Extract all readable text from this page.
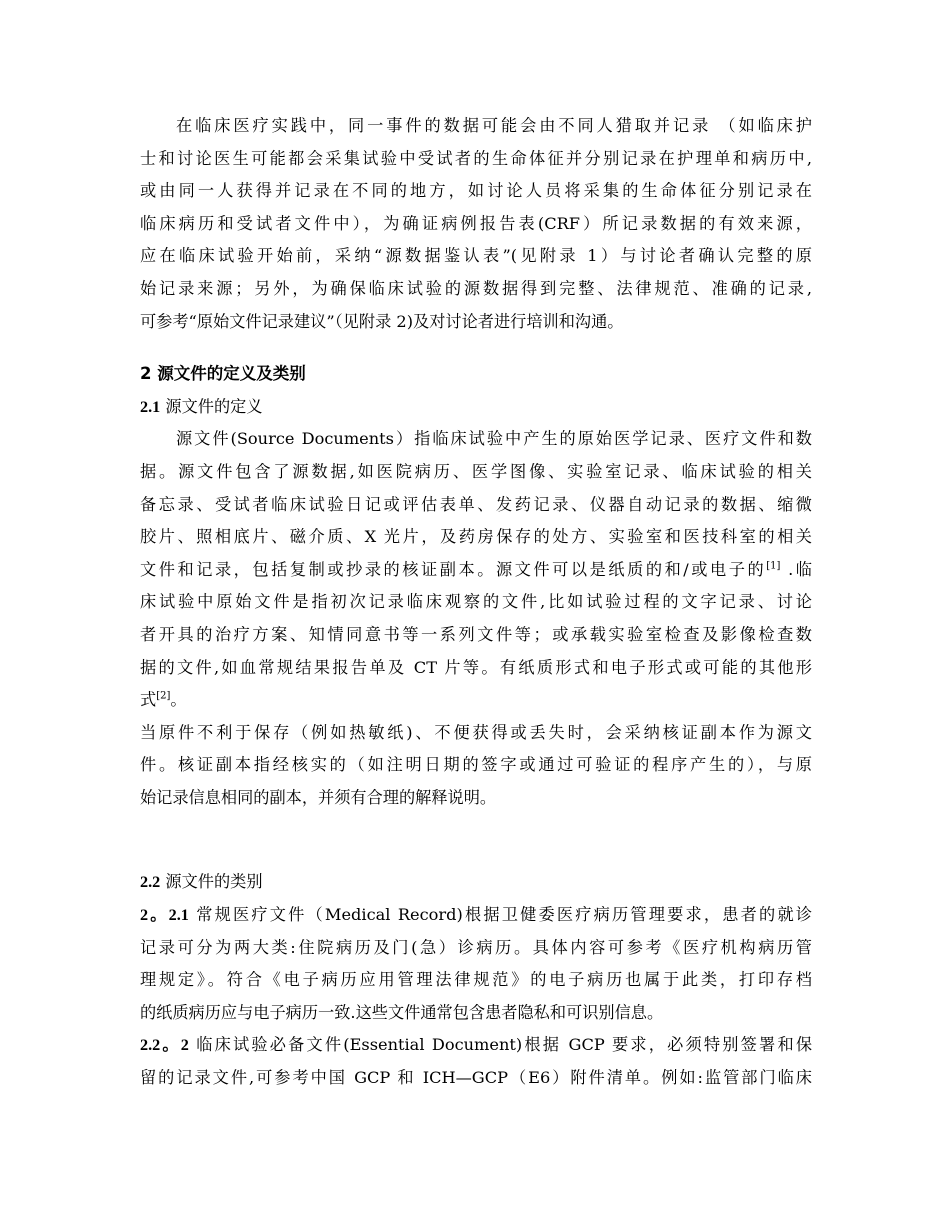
在临床医疗实践中，同一事件的数据可能会由不同人猎取并记录 （如临床护
士和讨论医生可能都会采集试验中受试者的生命体征并分别记录在护理单和病历中,
或由同一人获得并记录在不同的地方，如讨论人员将采集的生命体征分别记录在
临床病历和受试者文件中），为确证病例报告表(CRF）所记录数据的有效来源，
应在临床试验开始前，采纳“源数据鉴认表”(见附录 1）与讨论者确认完整的原
始记录来源；另外，为确保临床试验的源数据得到完整、法律规范、准确的记录,
可参考“原始文件记录建议”（见附录 2)及对讨论者进行培训和沟通。
2 源文件的定义及类别
2.1 源文件的定义
源文件(Source Documents）指临床试验中产生的原始医学记录、医疗文件和数
据。源文件包含了源数据,如医院病历、医学图像、实验室记录、临床试验的相关
备忘录、受试者临床试验日记或评估表单、发药记录、仪器自动记录的数据、缩微
胶片、照相底片、磁介质、X 光片，及药房保存的处方、实验室和医技科室的相关
文件和记录，包括复制或抄录的核证副本。源文件可以是纸质的和/或电子的[1] .临
床试验中原始文件是指初次记录临床观察的文件,比如试验过程的文字记录、讨论
者开具的治疗方案、知情同意书等一系列文件等；或承载实验室检查及影像检查数
据的文件,如血常规结果报告单及 CT 片等。有纸质形式和电子形式或可能的其他形
式[2]。
当原件不利于保存（例如热敏纸)、不便获得或丢失时，会采纳核证副本作为源文
件。核证副本指经核实的（如注明日期的签字或通过可验证的程序产生的），与原
始记录信息相同的副本，并须有合理的解释说明。
2.2 源文件的类别
2。2.1 常规医疗文件（Medical Record)根据卫健委医疗病历管理要求，患者的就诊
记录可分为两大类:住院病历及门(急）诊病历。具体内容可参考《医疗机构病历管
理规定》。符合《电子病历应用管理法律规范》的电子病历也属于此类，打印存档
的纸质病历应与电子病历一致.这些文件通常包含患者隐私和可识别信息。
2.2。2 临床试验必备文件(Essential Document)根据 GCP 要求，必须特别签署和保
留的记录文件,可参考中国 GCP 和 ICH—GCP（E6）附件清单。例如:监管部门临床
